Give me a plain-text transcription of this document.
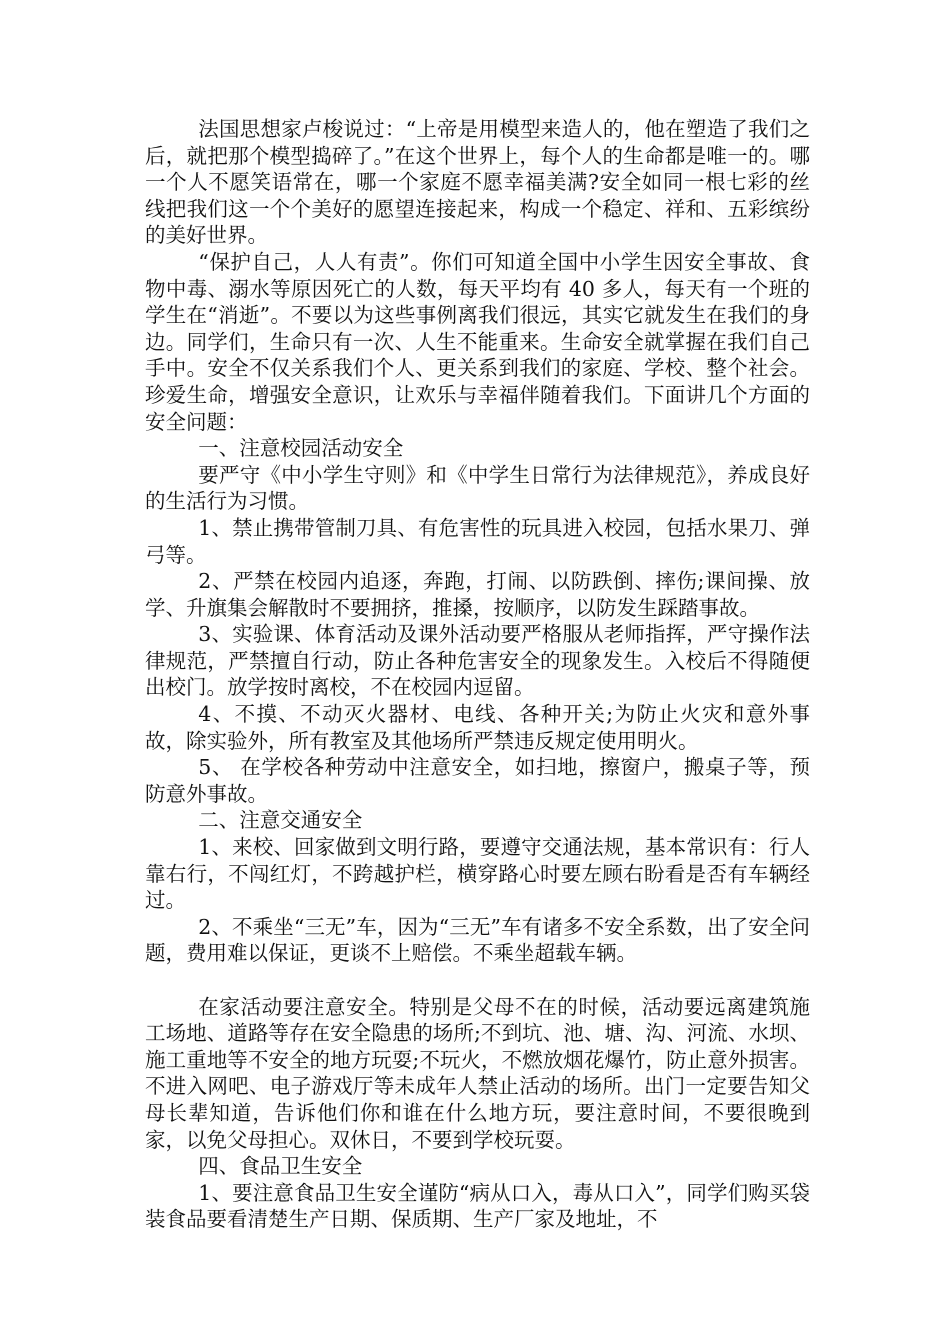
法国思想家卢梭说过：“上帝是用模型来造人的，他在塑造了我们之后，就把那个模型捣碎了。”在这个世界上，每个人的生命都是唯一的。哪一个人不愿笑语常在，哪一个家庭不愿幸福美满?安全如同一根七彩的丝线把我们这一个个美好的愿望连接起来，构成一个稳定、祥和、五彩缤纷的美好世界。

“保护自己，人人有责”。你们可知道全国中小学生因安全事故、食物中毒、溺水等原因死亡的人数，每天平均有 40 多人，每天有一个班的学生在“消逝”。不要以为这些事例离我们很远，其实它就发生在我们的身边。同学们，生命只有一次、人生不能重来。生命安全就掌握在我们自己手中。安全不仅关系我们个人、更关系到我们的家庭、学校、整个社会。珍爱生命，增强安全意识，让欢乐与幸福伴随着我们。下面讲几个方面的安全问题：

一、注意校园活动安全

要严守《中小学生守则》和《中学生日常行为法律规范》，养成良好的生活行为习惯。

1、禁止携带管制刀具、有危害性的玩具进入校园，包括水果刀、弹弓等。

2、严禁在校园内追逐，奔跑，打闹、以防跌倒、摔伤;课间操、放学、升旗集会解散时不要拥挤，推搡，按顺序，以防发生踩踏事故。

3、实验课、体育活动及课外活动要严格服从老师指挥，严守操作法律规范，严禁擅自行动，防止各种危害安全的现象发生。入校后不得随便出校门。放学按时离校，不在校园内逗留。

4、不摸、不动灭火器材、电线、各种开关;为防止火灾和意外事故，除实验外，所有教室及其他场所严禁违反规定使用明火。

5、 在学校各种劳动中注意安全，如扫地，擦窗户，搬桌子等，预防意外事故。

二、注意交通安全

1、来校、回家做到文明行路，要遵守交通法规，基本常识有：行人靠右行，不闯红灯，不跨越护栏，横穿路心时要左顾右盼看是否有车辆经过。

2、不乘坐“三无”车，因为“三无”车有诸多不安全系数，出了安全问题，费用难以保证，更谈不上赔偿。不乘坐超载车辆。

在家活动要注意安全。特别是父母不在的时候，活动要远离建筑施工场地、道路等存在安全隐患的场所;不到坑、池、塘、沟、河流、水坝、施工重地等不安全的地方玩耍;不玩火，不燃放烟花爆竹，防止意外损害。不进入网吧、电子游戏厅等未成年人禁止活动的场所。出门一定要告知父母长辈知道，告诉他们你和谁在什么地方玩，要注意时间，不要很晚到家，以免父母担心。双休日，不要到学校玩耍。

四、食品卫生安全

1、要注意食品卫生安全谨防“病从口入，毒从口入”，同学们购买袋装食品要看清楚生产日期、保质期、生产厂家及地址，不
